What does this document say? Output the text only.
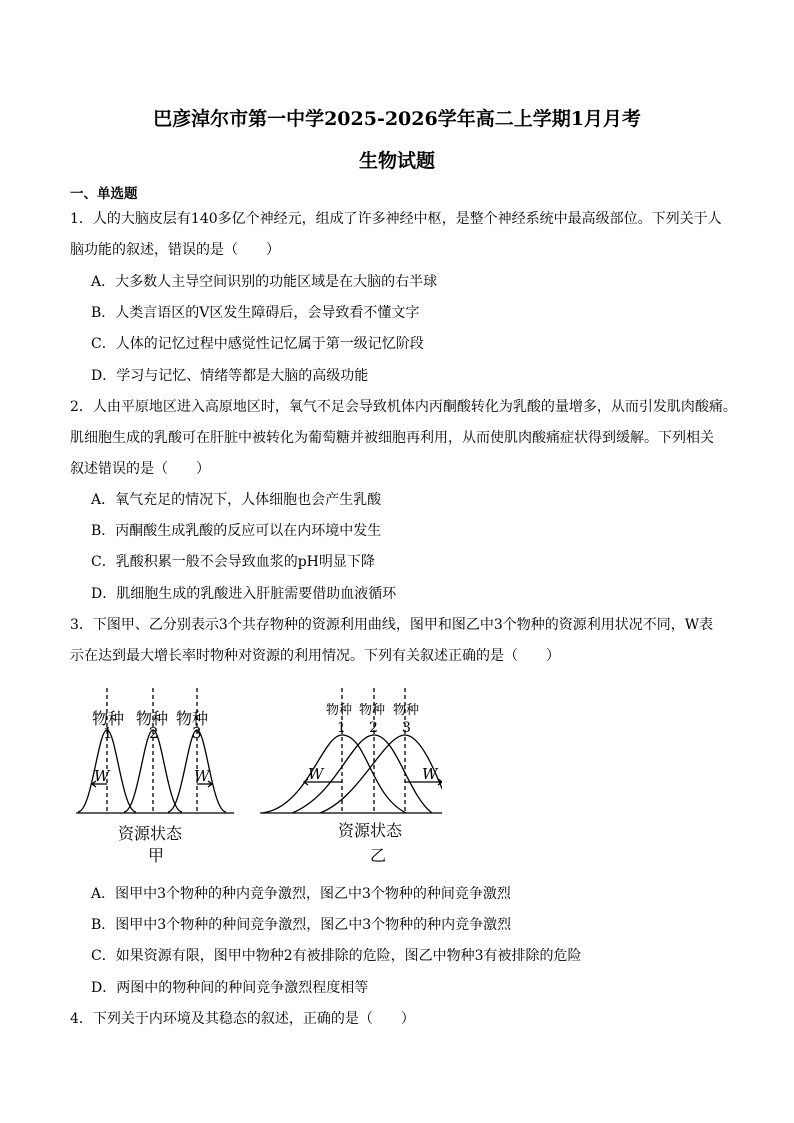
巴彦淖尔市第一中学2025-2026学年高二上学期1月月考
生物试题
一、单选题
1．人的大脑皮层有140多亿个神经元，组成了许多神经中枢，是整个神经系统中最高级部位。下列关于人
脑功能的叙述，错误的是（　　）
A．大多数人主导空间识别的功能区域是在大脑的右半球
B．人类言语区的V区发生障碍后，会导致看不懂文字
C．人体的记忆过程中感觉性记忆属于第一级记忆阶段
D．学习与记忆、情绪等都是大脑的高级功能
2．人由平原地区进入高原地区时，氧气不足会导致机体内丙酮酸转化为乳酸的量增多，从而引发肌肉酸痛。
肌细胞生成的乳酸可在肝脏中被转化为葡萄糖并被细胞再利用，从而使肌肉酸痛症状得到缓解。下列相关
叙述错误的是（　　）
A．氧气充足的情况下，人体细胞也会产生乳酸
B．丙酮酸生成乳酸的反应可以在内环境中发生
C．乳酸积累一般不会导致血浆的pH明显下降
D．肌细胞生成的乳酸进入肝脏需要借助血液循环
3．下图甲、乙分别表示3个共存物种的资源利用曲线，图甲和图乙中3个物种的资源利用状况不同，W表
示在达到最大增长率时物种对资源的利用情况。下列有关叙述正确的是（　　）
物种 物种 物种
1 2 3
W	W
资源状态
甲
物种 物种 物种
1 2 3
W	W
资源状态
乙
A．图甲中3个物种的种内竞争激烈，图乙中3个物种的种间竞争激烈
B．图甲中3个物种的种间竞争激烈，图乙中3个物种的种内竞争激烈
C．如果资源有限，图甲中物种2有被排除的危险，图乙中物种3有被排除的危险
D．两图中的物种间的种间竞争激烈程度相等
4．下列关于内环境及其稳态的叙述，正确的是（　　）
